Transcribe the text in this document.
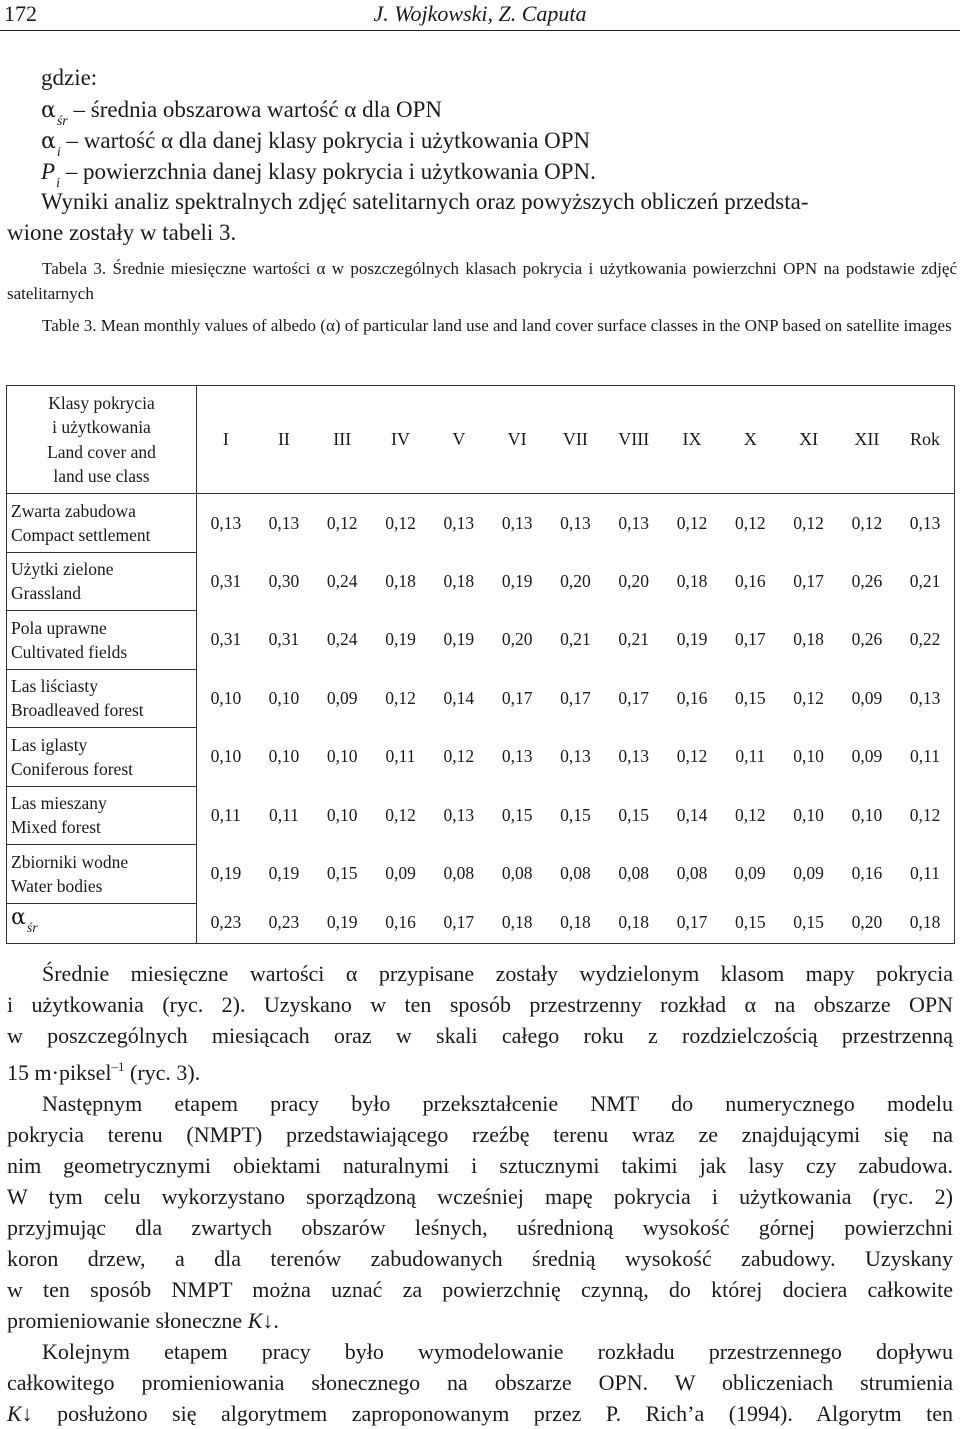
172	J. Wojkowski, Z. Caputa
gdzie:
$\alpha_{śr}$ – średnia obszarowa wartość α dla OPN
$\alpha_i$ – wartość α dla danej klasy pokrycia i użytkowania OPN
$P_i$ – powierzchnia danej klasy pokrycia i użytkowania OPN.
Wyniki analiz spektralnych zdjęć satelitarnych oraz powyższych obliczeń przedsta-
wione zostały w tabeli 3.
Tabela 3. Średnie miesięczne wartości α w poszczególnych klasach pokrycia i użytkowania powierzchni OPN na podstawie zdjęć satelitarnych
Table 3. Mean monthly values of albedo (α) of particular land use and land cover surface classes in the ONP based on satellite images
Klasy pokrycia
i użytkowania
Land cover and
land use class	I	II	III	IV	V	VI	VII	VIII	IX	X	XI	XII	Rok

Zwarta zabudowa
Compact settlement	0,13	0,13	0,12	0,12	0,13	0,13	0,13	0,13	0,12	0,12	0,12	0,12	0,13

Użytki zielone
Grassland	0,31	0,30	0,24	0,18	0,18	0,19	0,20	0,20	0,18	0,16	0,17	0,26	0,21

Pola uprawne
Cultivated fields	0,31	0,31	0,24	0,19	0,19	0,20	0,21	0,21	0,19	0,17	0,18	0,26	0,22

Las liściasty
Broadleaved forest	0,10	0,10	0,09	0,12	0,14	0,17	0,17	0,17	0,16	0,15	0,12	0,09	0,13

Las iglasty
Coniferous forest	0,10	0,10	0,10	0,11	0,12	0,13	0,13	0,13	0,12	0,11	0,10	0,09	0,11

Las mieszany
Mixed forest	0,11	0,11	0,10	0,12	0,13	0,15	0,15	0,15	0,14	0,12	0,10	0,10	0,12

Zbiorniki wodne
Water bodies	0,19	0,19	0,15	0,09	0,08	0,08	0,08	0,08	0,08	0,09	0,09	0,16	0,11
$\alpha_{śr}$	0,23	0,23	0,19	0,16	0,17	0,18	0,18	0,18	0,17	0,15	0,15	0,20	0,18

Średnie miesięczne wartości α przypisane zostały wydzielonym klasom mapy pokrycia

i użytkowania (ryc. 2). Uzyskano w ten sposób przestrzenny rozkład α na obszarze OPN

w poszczególnych miesiącach oraz w skali całego roku z rozdzielczością przestrzenną

15 m·piksel$^{-1}$ (ryc. 3).

Następnym etapem pracy było przekształcenie NMT do numerycznego modelu

pokrycia terenu (NMPT) przedstawiającego rzeźbę terenu wraz ze znajdującymi się na

nim geometrycznymi obiektami naturalnymi i sztucznymi takimi jak lasy czy zabudowa.

W tym celu wykorzystano sporządzoną wcześniej mapę pokrycia i użytkowania (ryc. 2)

przyjmując dla zwartych obszarów leśnych, uśrednioną wysokość górnej powierzchni

koron drzew, a dla terenów zabudowanych średnią wysokość zabudowy. Uzyskany

w ten sposób NMPT można uznać za powierzchnię czynną, do której dociera całkowite

promieniowanie słoneczne K↓.

Kolejnym etapem pracy było wymodelowanie rozkładu przestrzennego dopływu

całkowitego promieniowania słonecznego na obszarze OPN. W obliczeniach strumienia

K↓ posłużono się algorytmem zaproponowanym przez P. Rich’a (1994). Algorytm ten
